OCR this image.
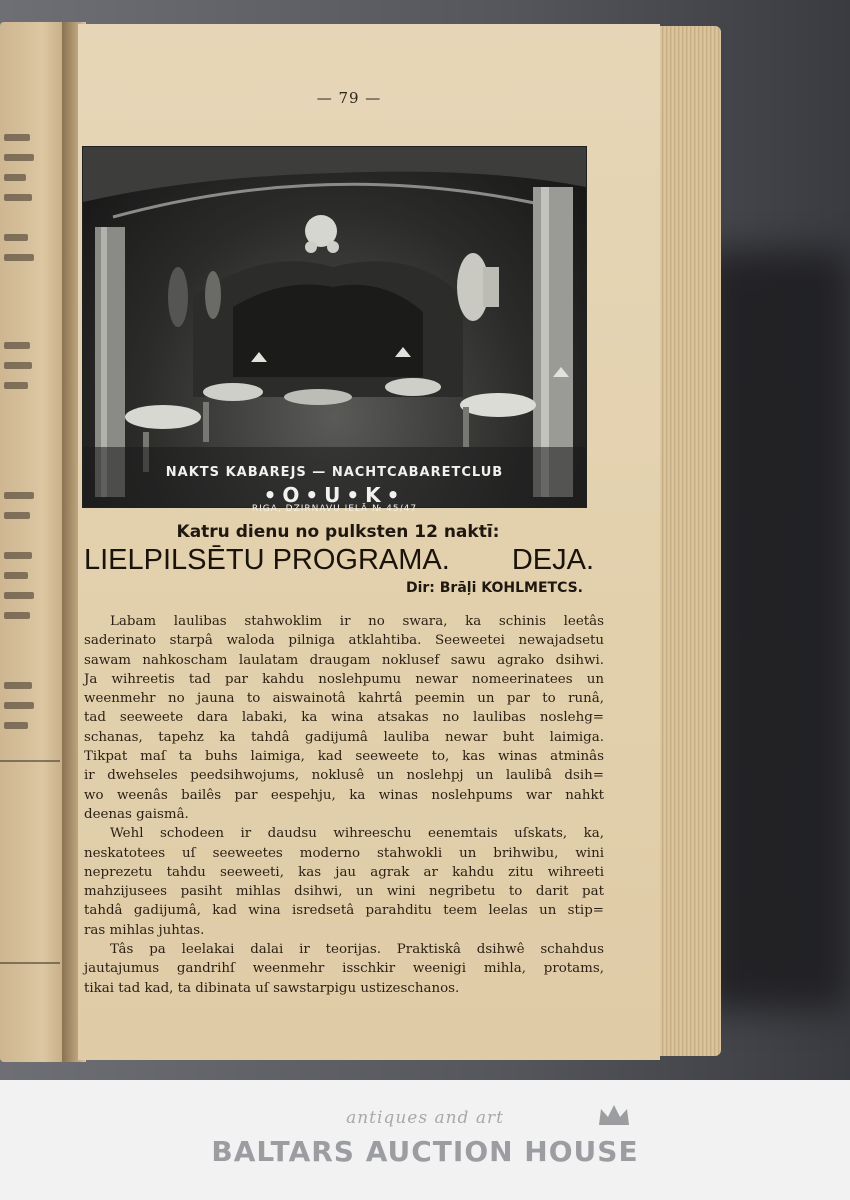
— 79 —
NAKTS KABAREJS — NACHTCABARETCLUB
•O•U•K•
RIGA, DZIRNAVU IELĀ № 45/47
Katru dienu no pulksten 12 naktī:
LIELPILSĒTU PROGRAMA. DEJA.
Dir: Brāļi KOHLMETCS.
Labam laulibas stahwoklim ir no swara, ka schinis leetâs
saderinato starpâ waloda pilniga atklahtiba. Seeweetei newajadsetu
sawam nahkoscham laulatam draugam noklusef sawu agrako dsihwi.
Ja wihreetis tad par kahdu noslehpumu newar nomeerinatees un
weenmehr no jauna to aiswainotâ kahrtâ peemin un par to runâ,
tad seeweete dara labaki, ka wina atsakas no laulibas noslehg=
schanas, tapehz ka tahdâ gadijumâ lauliba newar buht laimiga.
Tikpat maſ ta buhs laimiga, kad seeweete to, kas winas atminâs
ir dwehseles peedsihwojums, noklusê un noslehpj un laulibâ dsih=
wo weenâs bailês par eespehju, ka winas noslehpums war nahkt
deenas gaismâ.
Wehl schodeen ir daudsu wihreeschu eenemtais uſskats, ka,
neskatotees uſ seeweetes moderno stahwokli un brihwibu, wini
neprezetu tahdu seeweeti, kas jau agrak ar kahdu zitu wihreeti
mahzijusees pasiht mihlas dsihwi, un wini negribetu to darit pat
tahdâ gadijumâ, kad wina isredsetâ parahditu teem leelas un stip=
ras mihlas juhtas.
Tâs pa leelakai dalai ir teorijas. Praktiskâ dsihwê schahdus
jautajumus gandrihſ weenmehr isschkir weenigi mihla, protams,
tikai tad kad, ta dibinata uſ sawstarpigu ustizeschanos.
antiques and art
BALTARS AUCTION HOUSE
